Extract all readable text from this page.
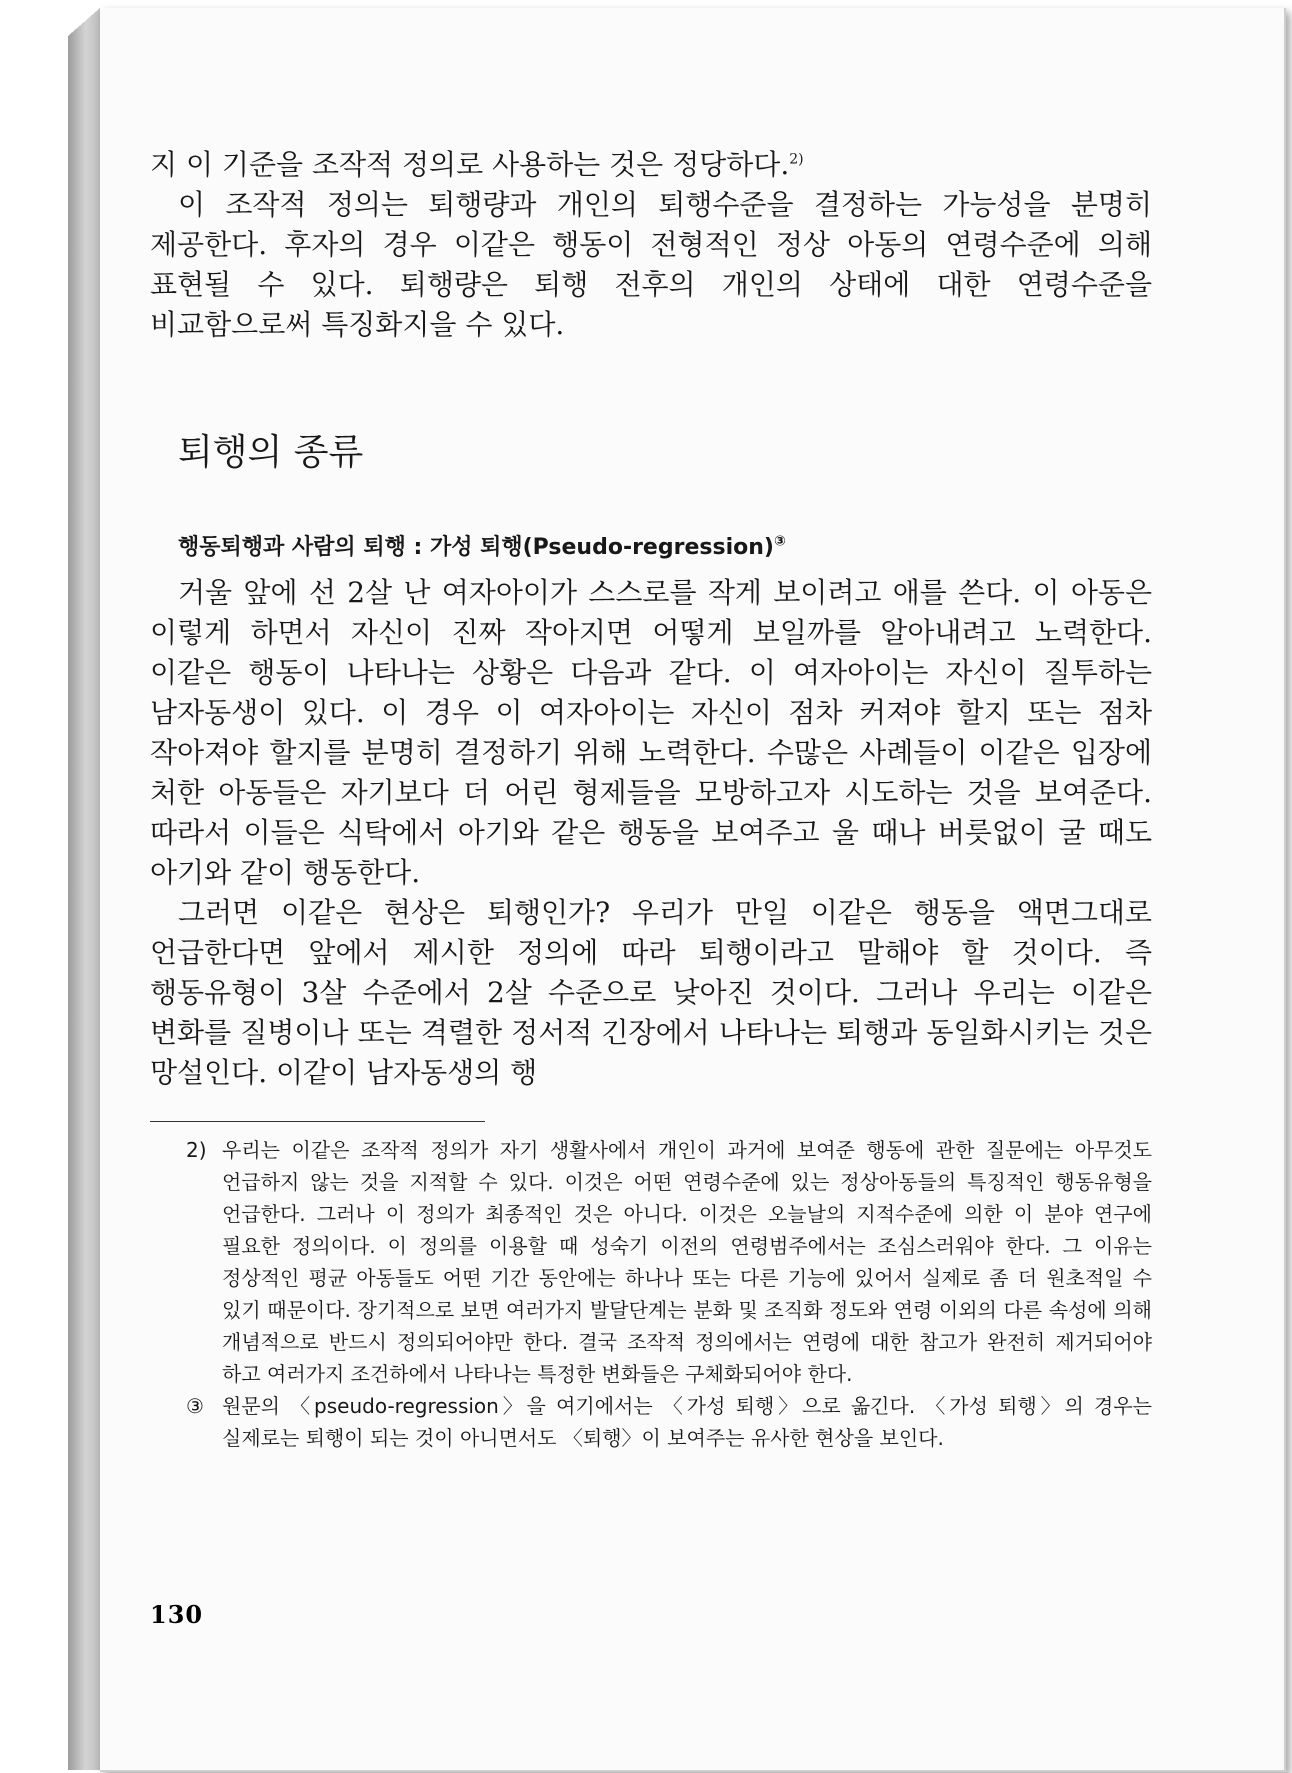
지 이 기준을 조작적 정의로 사용하는 것은 정당하다.$^{2)}$

이 조작적 정의는 퇴행량과 개인의 퇴행수준을 결정하는 가능성을 분명히 제공한다. 후자의 경우 이같은 행동이 전형적인 정상 아동의 연령수준에 의해 표현될 수 있다. 퇴행량은 퇴행 전후의 개인의 상태에 대한 연령수준을 비교함으로써 특징화지을 수 있다.

퇴행의 종류
행동퇴행과 사람의 퇴행 : 가성 퇴행(Pseudo-regression)③

거울 앞에 선 2살 난 여자아이가 스스로를 작게 보이려고 애를 쓴다. 이 아동은 이렇게 하면서 자신이 진짜 작아지면 어떻게 보일까를 알아내려고 노력한다. 이같은 행동이 나타나는 상황은 다음과 같다. 이 여자아이는 자신이 질투하는 남자동생이 있다. 이 경우 이 여자아이는 자신이 점차 커져야 할지 또는 점차 작아져야 할지를 분명히 결정하기 위해 노력한다. 수많은 사례들이 이같은 입장에 처한 아동들은 자기보다 더 어린 형제들을 모방하고자 시도하는 것을 보여준다. 따라서 이들은 식탁에서 아기와 같은 행동을 보여주고 울 때나 버릇없이 굴 때도 아기와 같이 행동한다.

그러면 이같은 현상은 퇴행인가? 우리가 만일 이같은 행동을 액면그대로 언급한다면 앞에서 제시한 정의에 따라 퇴행이라고 말해야 할 것이다. 즉 행동유형이 3살 수준에서 2살 수준으로 낮아진 것이다. 그러나 우리는 이같은 변화를 질병이나 또는 격렬한 정서적 긴장에서 나타나는 퇴행과 동일화시키는 것은 망설인다. 이같이 남자동생의 행

2) 우리는 이같은 조작적 정의가 자기 생활사에서 개인이 과거에 보여준 행동에 관한 질문에는 아무것도 언급하지 않는 것을 지적할 수 있다. 이것은 어떤 연령수준에 있는 정상아동들의 특징적인 행동유형을 언급한다. 그러나 이 정의가 최종적인 것은 아니다. 이것은 오늘날의 지적수준에 의한 이 분야 연구에 필요한 정의이다. 이 정의를 이용할 때 성숙기 이전의 연령범주에서는 조심스러워야 한다. 그 이유는 정상적인 평균 아동들도 어떤 기간 동안에는 하나나 또는 다른 기능에 있어서 실제로 좀 더 원초적일 수 있기 때문이다. 장기적으로 보면 여러가지 발달단계는 분화 및 조직화 정도와 연령 이외의 다른 속성에 의해 개념적으로 반드시 정의되어야만 한다. 결국 조작적 정의에서는 연령에 대한 참고가 완전히 제거되어야 하고 여러가지 조건하에서 나타나는 특정한 변화들은 구체화되어야 한다.

③ 원문의 〈pseudo-regression〉을 여기에서는 〈가성 퇴행〉으로 옮긴다. 〈가성 퇴행〉의 경우는 실제로는 퇴행이 되는 것이 아니면서도 〈퇴행〉이 보여주는 유사한 현상을 보인다.

130
